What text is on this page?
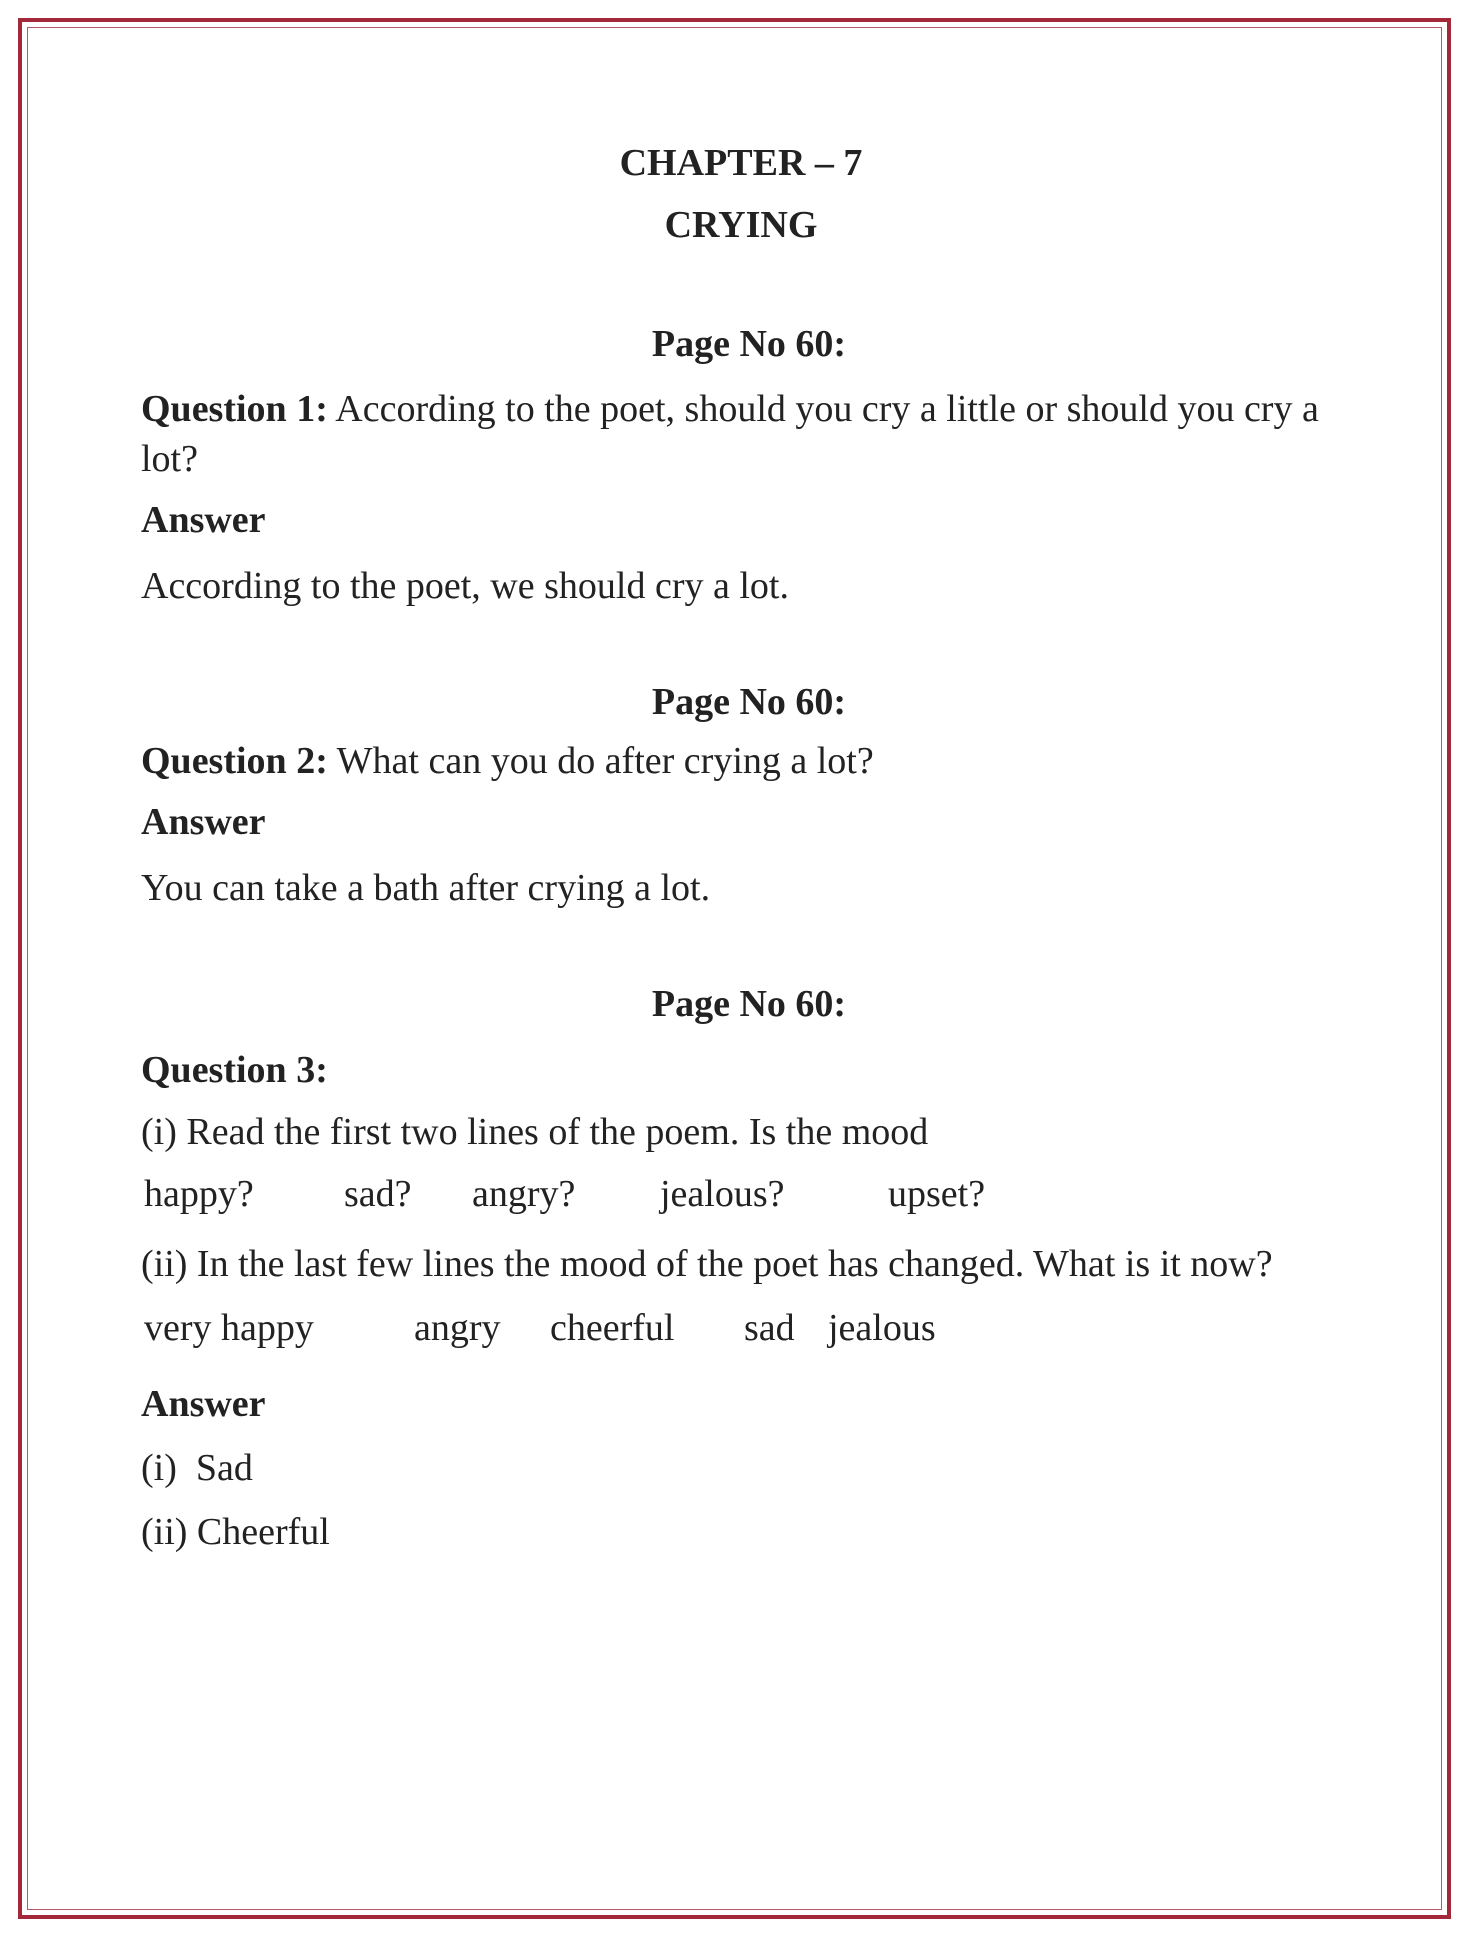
CHAPTER – 7
CRYING
Page No 60:

Question 1: According to the poet, should you cry a little or should you cry a lot?

Answer

According to the poet, we should cry a lot.

Page No 60:

Question 2: What can you do after crying a lot?

Answer

You can take a bath after crying a lot.

Page No 60:

Question 3:

(i) Read the first two lines of the poem. Is the mood

happy? sad? angry? jealous?	upset?

(ii) In the last few lines the mood of the poet has changed. What is it now?

very happy	angry cheerful sad jealous

Answer

(i)  Sad

(ii) Cheerful
